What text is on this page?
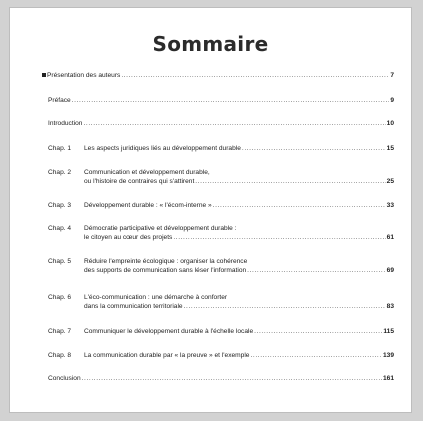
Sommaire
Présentation des auteurs .....	7
Préface .....	9
Introduction .....	10
Chap. 1	Les aspects juridiques liés au développement durable .....	15
Chap. 2	Communication et développement durable,
ou l'histoire de contraires qui s'attirent .....	25
Chap. 3	Développement durable : « l'écom-interne » .....	33
Chap. 4	Démocratie participative et développement durable :
le citoyen au cœur des projets .....	61
Chap. 5	Réduire l'empreinte écologique : organiser la cohérence
des supports de communication sans léser l'information .....	69
Chap. 6	L'éco-communication : une démarche à conforter
dans la communication territoriale .....	83
Chap. 7	Communiquer le développement durable à l'échelle locale .....	115
Chap. 8	La communication durable par « la preuve » et l'exemple .....	139
Conclusion .....	161
